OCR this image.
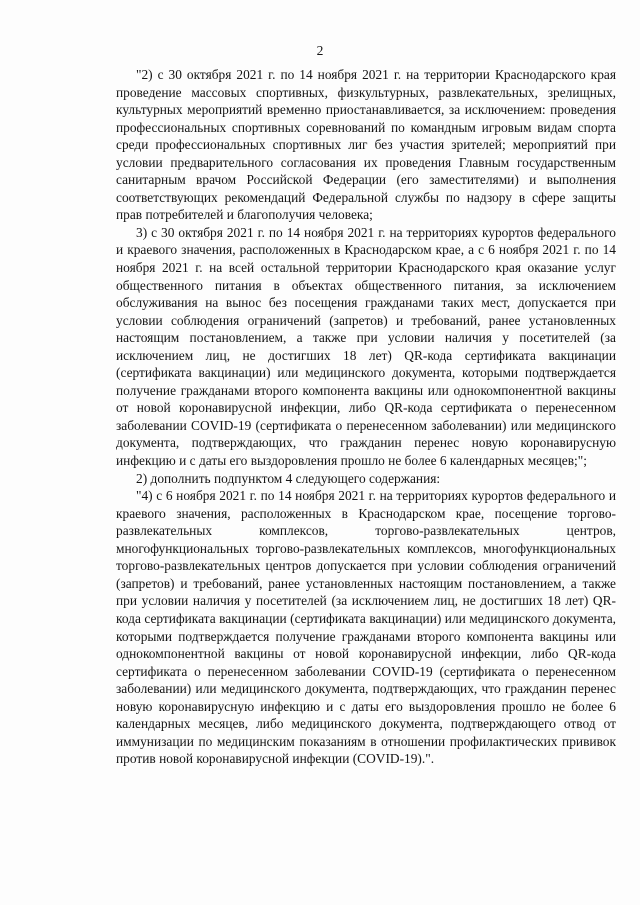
2

"2) с 30 октября 2021 г. по 14 ноября 2021 г. на территории Краснодарского края проведение массовых спортивных, физкультурных, развлекательных, зрелищных, культурных мероприятий временно приостанавливается, за исключением: проведения профессиональных спортивных соревнований по командным игровым видам спорта среди профессиональных спортивных лиг без участия зрителей; мероприятий при условии предварительного согласования их проведения Главным государственным санитарным врачом Российской Федерации (его заместителями) и выполнения соответствующих рекомендаций Федеральной службы по надзору в сфере защиты прав потребителей и благополучия человека;

3) с 30 октября 2021 г. по 14 ноября 2021 г. на территориях курортов федерального и краевого значения, расположенных в Краснодарском крае, а с 6 ноября 2021 г. по 14 ноября 2021 г. на всей остальной территории Краснодарского края оказание услуг общественного питания в объектах общественного питания, за исключением обслуживания на вынос без посещения гражданами таких мест, допускается при условии соблюдения ограничений (запретов) и требований, ранее установленных настоящим постановлением, а также при условии наличия у посетителей (за исключением лиц, не достигших 18 лет) QR-кода сертификата вакцинации (сертификата вакцинации) или медицинского документа, которыми подтверждается получение гражданами второго компонента вакцины или однокомпонентной вакцины от новой коронавирусной инфекции, либо QR-кода сертификата о перенесенном заболевании COVID-19 (сертификата о перенесенном заболевании) или медицинского документа, подтверждающих, что гражданин перенес новую коронавирусную инфекцию и с даты его выздоровления прошло не более 6 календарных месяцев;";

2) дополнить подпунктом 4 следующего содержания:

"4) с 6 ноября 2021 г. по 14 ноября 2021 г. на территориях курортов федерального и краевого значения, расположенных в Краснодарском крае, посещение торгово-развлекательных комплексов, торгово-развлекательных центров, многофункциональных торгово-развлекательных комплексов, многофункциональных торгово-развлекательных центров допускается при условии соблюдения ограничений (запретов) и требований, ранее установленных настоящим постановлением, а также при условии наличия у посетителей (за исключением лиц, не достигших 18 лет) QR-кода сертификата вакцинации (сертификата вакцинации) или медицинского документа, которыми подтверждается получение гражданами второго компонента вакцины или однокомпонентной вакцины от новой коронавирусной инфекции, либо QR-кода сертификата о перенесенном заболевании COVID-19 (сертификата о перенесенном заболевании) или медицинского документа, подтверждающих, что гражданин перенес новую коронавирусную инфекцию и с даты его выздоровления прошло не более 6 календарных месяцев, либо медицинского документа, подтверждающего отвод от иммунизации по медицинским показаниям в отношении профилактических прививок против новой коронавирусной инфекции (COVID-19).".
